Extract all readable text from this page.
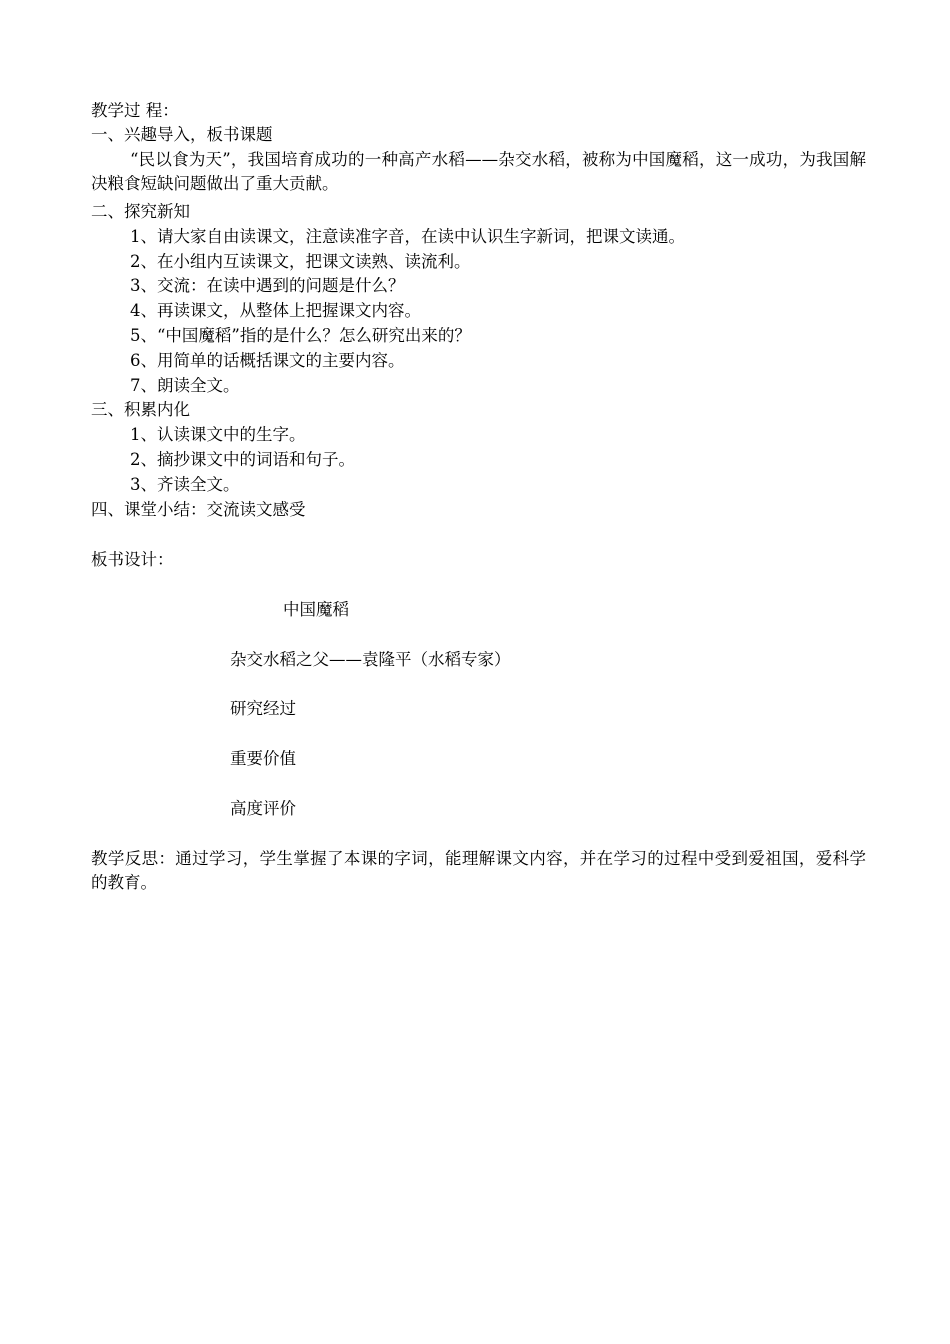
教学过 程：
一、兴趣导入，板书课题
“民以食为天”，我国培育成功的一种高产水稻——杂交水稻，被称为中国魔稻，这一成功，为我国解决粮食短缺问题做出了重大贡献。
二、探究新知
1、请大家自由读课文，注意读准字音，在读中认识生字新词，把课文读通。
2、在小组内互读课文，把课文读熟、读流利。
3、交流：在读中遇到的问题是什么？
4、再读课文，从整体上把握课文内容。
5、“中国魔稻”指的是什么？怎么研究出来的？
6、用简单的话概括课文的主要内容。
7、朗读全文。
三、积累内化
1、认读课文中的生字。
2、摘抄课文中的词语和句子。
3、齐读全文。
四、课堂小结：交流读文感受
板书设计：
中国魔稻
杂交水稻之父——袁隆平（水稻专家）
研究经过
重要价值
高度评价
教学反思：通过学习，学生掌握了本课的字词，能理解课文内容，并在学习的过程中受到爱祖国，爱科学的教育。
